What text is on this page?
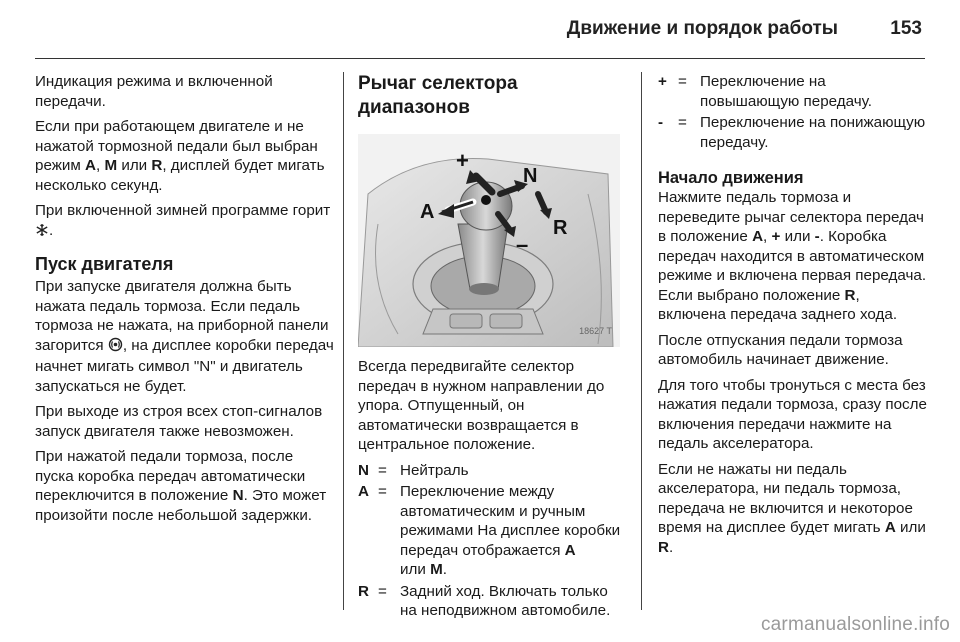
Движение и порядок работы	153

Индикация режима и включенной передачи.

Если при работающем двигателе и не нажатой тормозной педали был выбран режим A, M или R, дисплей будет мигать несколько секунд.

При включенной зимней программе горит .

Пуск двигателя

При запуске двигателя должна быть нажата педаль тормоза. Если педаль тормоза не нажата, на приборной панели загорится , на дисплее коробки передач начнет мигать символ "N" и двигатель запускаться не будет.

При выходе из строя всех стоп-сигналов запуск двигателя также невозможен.

При нажатой педали тормоза, после пуска коробка передач автоматически переключится в положение N. Это может произойти после небольшой задержки.

Рычаг селектора диапазонов
+
N
A
R
–
18627 T

Всегда передвигайте селектор передач в нужном направлении до упора. Отпущенный, он автоматически возвращается в центральное положение.

N = Нейтраль
A = Переключение между автоматическим и ручным режимами На дисплее коробки передач отображается A
или M.
R = Задний ход. Включать только на неподвижном автомобиле.
+ = Переключение на повышающую передачу.
- = Переключение на понижающую передачу.
Начало движения

Нажмите педаль тормоза и переведите рычаг селектора передач в положение A, + или -. Коробка передач находится в автоматическом режиме и включена первая передача. Если выбрано положение R, включена передача заднего хода.

После отпускания педали тормоза автомобиль начинает движение.

Для того чтобы тронуться с места без нажатия педали тормоза, сразу после включения передачи нажмите на педаль акселератора.

Если не нажаты ни педаль акселератора, ни педаль тормоза, передача не включится и некоторое время на дисплее будет мигать A или R.

carmanualsonline.info
